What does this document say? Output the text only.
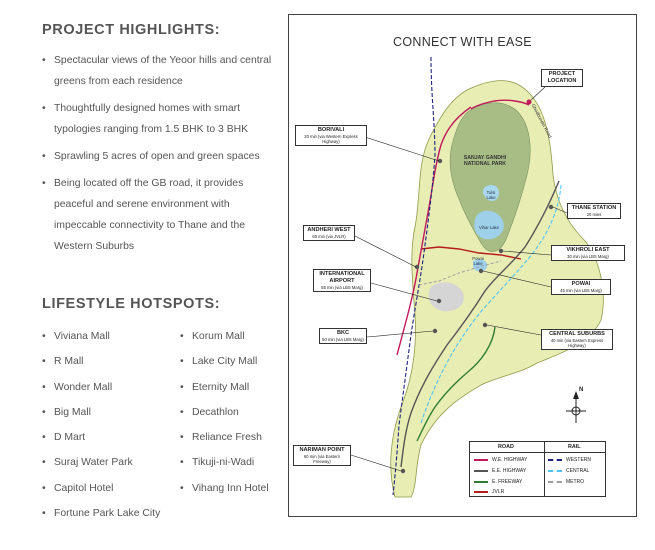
PROJECT HIGHLIGHTS:
• Spectacular views of the Yeoor hills and central greens from each residence
• Thoughtfully designed homes with smart typologies ranging from 1.5 BHK to 3 BHK
• Sprawling 5 acres of open and green spaces
• Being located off the GB road, it provides peaceful and serene environment with impeccable connectivity to Thane and the Western Suburbs
LIFESTYLE HOTSPOTS:
• Viviana Mall
• R Mall
• Wonder Mall
• Big Mall
• D Mart
• Suraj Water Park
• Capitol Hotel
• Fortune Park Lake City
• Korum Mall
• Lake City Mall
• Eternity Mall
• Decathlon
• Reliance Fresh
• Tikuji-ni-Wadi
• Vihang Inn Hotel
CONNECT WITH EASE
SANJAY GANDHI NATIONAL PARK
Tulsi Lake
Vihar Lake
Powai Lake
Ghodbunder Road
PROJECT LOCATION
BORIVALI
20 min (via Western Express Highway)
THANE STATION
20 mins
ANDHERI WEST
60 min (via JVLR)
VIKHROLI EAST
30 min (via LBS Marg)
INTERNATIONAL AIRPORT
55 min (via LBS Marg)
POWAI
45 min (via LBS Marg)
BKC
50 min (via LBS Marg)
CENTRAL SUBURBS
40 min (via Eastern Express Highway)
NARIMAN POINT
60 min (via Eastern Freeway)
N
ROAD	RAIL
W.E. HIGHWAY
E.E. HIGHWAY
E. FREEWAY
JVLR
WESTERN
CENTRAL
METRO
